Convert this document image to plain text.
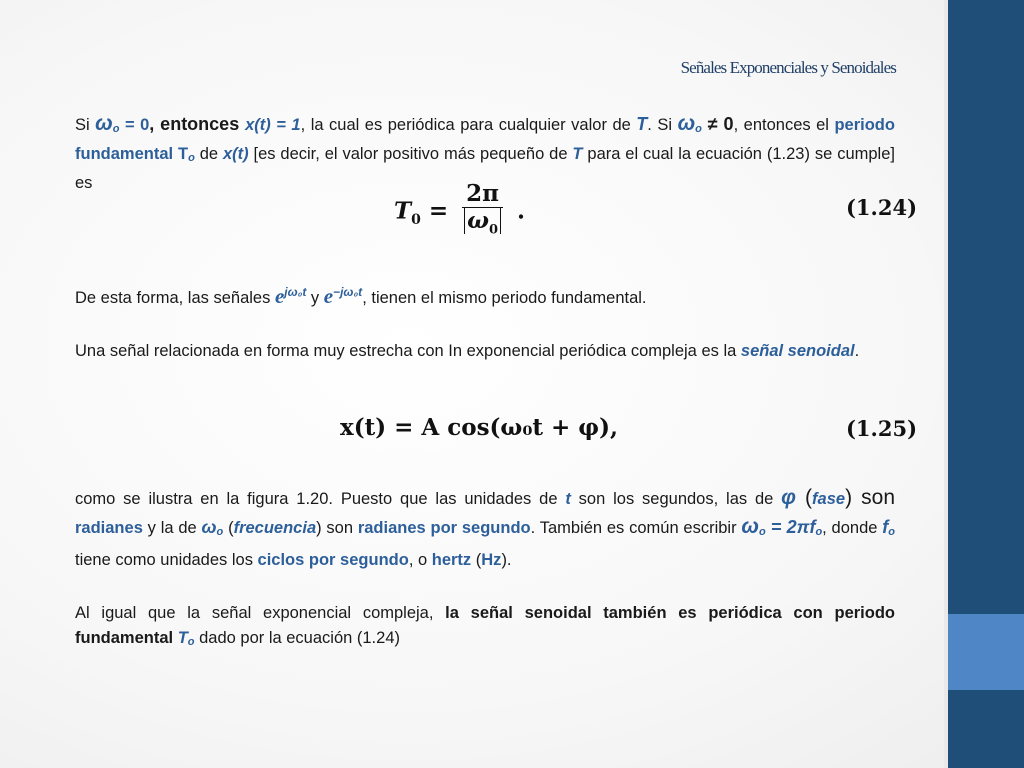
Señales Exponenciales y Senoidales

Si ωo = 0, entonces x(t) = 1, la cual es periódica para cualquier valor de T. Si ωo ≠ 0, entonces el periodo fundamental To de x(t) [es decir, el valor positivo más pequeño de T para el cual la ecuación (1.23) se cumple] es

$T_0 = \frac{2\pi}{\omega_0}$ .	(1.24)

De esta forma, las señales $e^{j\omega_0t}$ y $e^{-j\omega_0t}$, tienen el mismo periodo fundamental.

Una señal relacionada en forma muy estrecha con In exponencial periódica compleja es la señal senoidal.

x(t) = A cos(ω₀t + φ),	(1.25)

como se ilustra en la figura 1.20. Puesto que las unidades de t son los segundos, las de φ (fase) son radianes y la de ωo (frecuencia) son radianes por segundo. También es común escribir ωo = 2πfo, donde fo tiene como unidades los ciclos por segundo, o hertz (Hz).

Al igual que la señal exponencial compleja, la señal senoidal también es periódica con periodo fundamental To dado por la ecuación (1.24)
